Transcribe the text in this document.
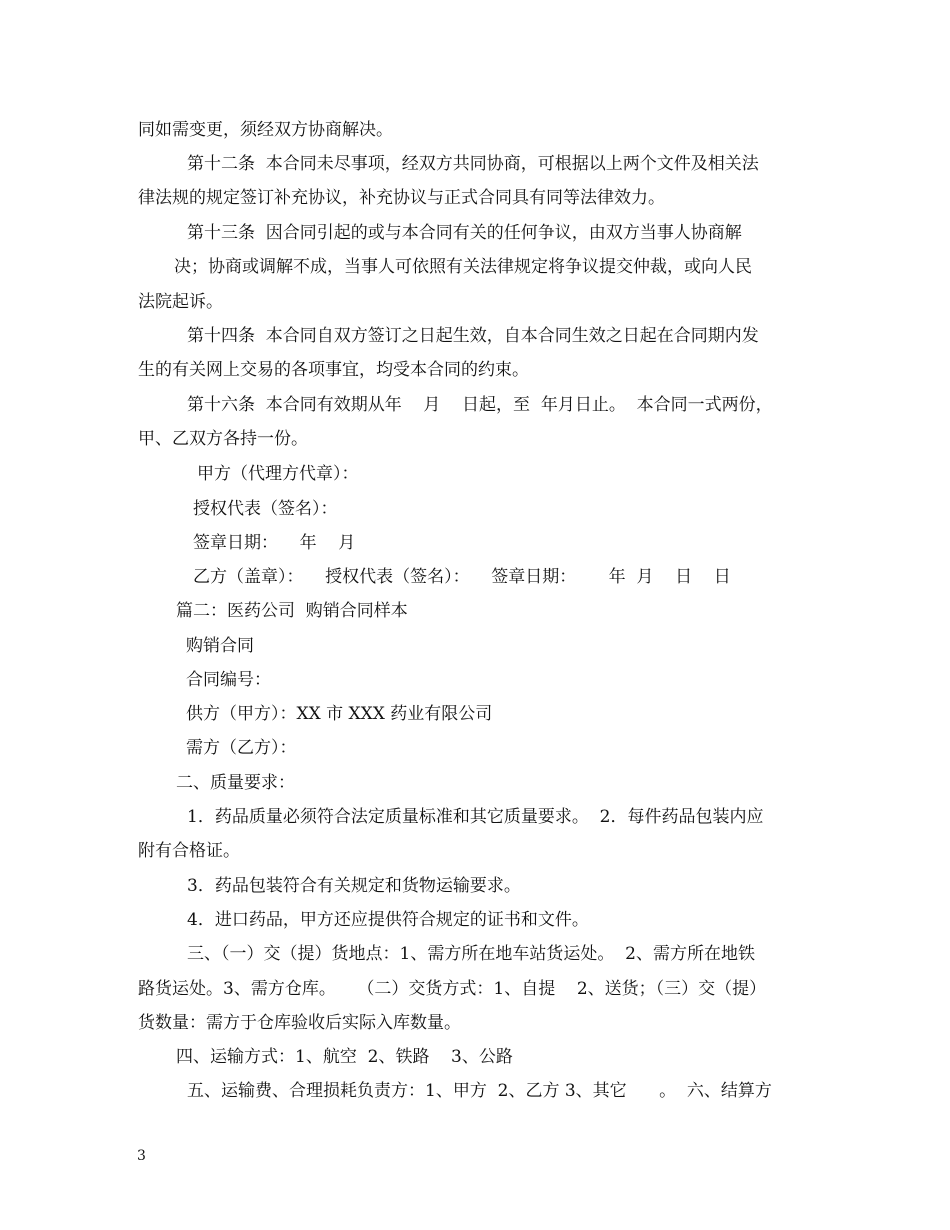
同如需变更，须经双方协商解决。
第十二条  本合同未尽事项，经双方共同协商，可根据以上两个文件及相关法
律法规的规定签订补充协议，补充协议与正式合同具有同等法律效力。
第十三条  因合同引起的或与本合同有关的任何争议，由双方当事人协商解
决；协商或调解不成，当事人可依照有关法律规定将争议提交仲裁，或向人民
法院起诉。
第十四条  本合同自双方签订之日起生效，自本合同生效之日起在合同期内发
生的有关网上交易的各项事宜，均受本合同的约束。
第十六条  本合同有效期从年    月    日起，至  年月日止。  本合同一式两份，
甲、乙双方各持一份。
甲方（代理方代章）：
授权代表（签名）：
签章日期：    年    月
乙方（盖章）：    授权代表（签名）：    签章日期：      年  月    日    日
篇二：医药公司  购销合同样本
购销合同
合同编号：
供方（甲方）：XX 市 XXX 药业有限公司
需方（乙方）：
二、质量要求：
1．药品质量必须符合法定质量标准和其它质量要求。  2．每件药品包装内应
附有合格证。
3．药品包装符合有关规定和货物运输要求。
4．进口药品，甲方还应提供符合规定的证书和文件。
三、（一）交（提）货地点：1、需方所在地车站货运处。  2、需方所在地铁
路货运处。3、需方仓库。    （二）交货方式：1、自提    2、送货；（三）交（提）
货数量：需方于仓库验收后实际入库数量。
四、运输方式：1、航空  2、铁路    3、公路
五、运输费、合理损耗负责方：1、甲方  2、乙方 3、其它      。  六、结算方
3
